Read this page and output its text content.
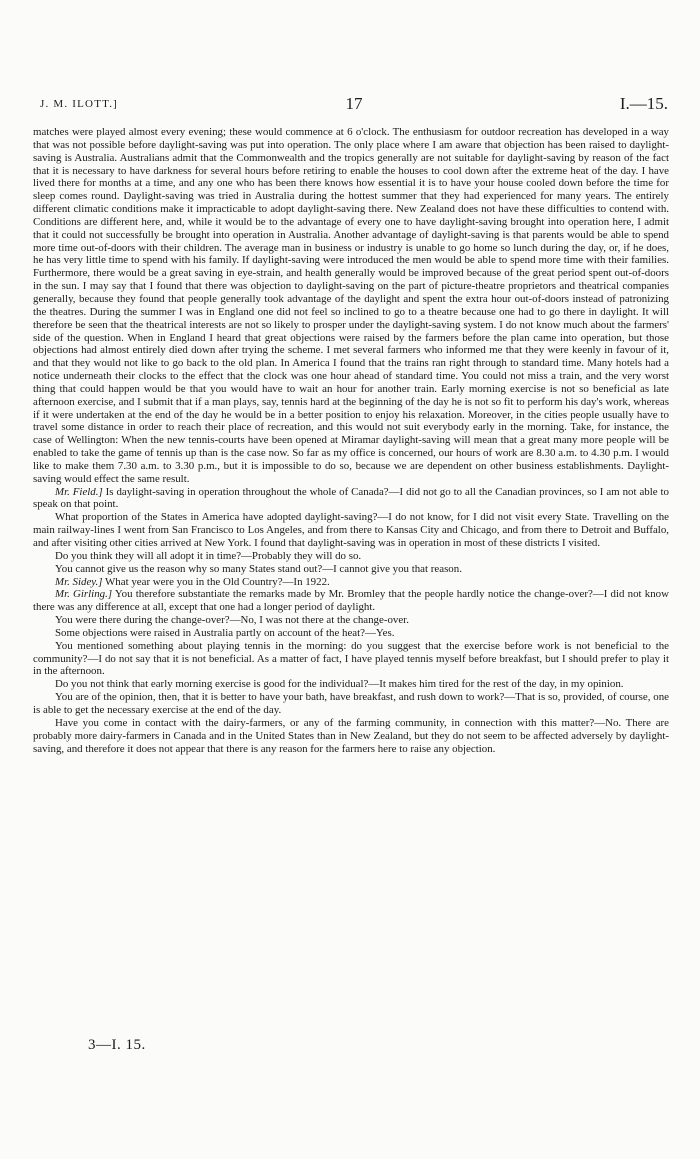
J. M. ILOTT.]	17	I.—15.

matches were played almost every evening; these would commence at 6 o'clock. The enthusiasm for outdoor recreation has developed in a way that was not possible before daylight-saving was put into operation. The only place where I am aware that objection has been raised to daylight-saving is Australia. Australians admit that the Commonwealth and the tropics generally are not suitable for daylight-saving by reason of the fact that it is necessary to have darkness for several hours before retiring to enable the houses to cool down after the extreme heat of the day. I have lived there for months at a time, and any one who has been there knows how essential it is to have your house cooled down before the time for sleep comes round. Daylight-saving was tried in Australia during the hottest summer that they had experienced for many years. The entirely different climatic conditions make it impracticable to adopt daylight-saving there. New Zealand does not have these difficulties to contend with. Conditions are different here, and, while it would be to the advantage of every one to have daylight-saving brought into operation here, I admit that it could not successfully be brought into operation in Australia. Another advantage of daylight-saving is that parents would be able to spend more time out-of-doors with their children. The average man in business or industry is unable to go home so lunch during the day, or, if he does, he has very little time to spend with his family. If daylight-saving were introduced the men would be able to spend more time with their families. Furthermore, there would be a great saving in eye-strain, and health generally would be improved because of the great period spent out-of-doors in the sun. I may say that I found that there was objection to daylight-saving on the part of picture-theatre proprietors and theatrical companies generally, because they found that people generally took advantage of the daylight and spent the extra hour out-of-doors instead of patronizing the theatres. During the summer I was in England one did not feel so inclined to go to a theatre because one had to go there in daylight. It will therefore be seen that the theatrical interests are not so likely to prosper under the daylight-saving system. I do not know much about the farmers' side of the question. When in England I heard that great objections were raised by the farmers before the plan came into operation, but those objections had almost entirely died down after trying the scheme. I met several farmers who informed me that they were keenly in favour of it, and that they would not like to go back to the old plan. In America I found that the trains ran right through to standard time. Many hotels had a notice underneath their clocks to the effect that the clock was one hour ahead of standard time. You could not miss a train, and the very worst thing that could happen would be that you would have to wait an hour for another train. Early morning exercise is not so beneficial as late afternoon exercise, and I submit that if a man plays, say, tennis hard at the beginning of the day he is not so fit to perform his day's work, whereas if it were undertaken at the end of the day he would be in a better position to enjoy his relaxation. Moreover, in the cities people usually have to travel some distance in order to reach their place of recreation, and this would not suit everybody early in the morning. Take, for instance, the case of Wellington: When the new tennis-courts have been opened at Miramar daylight-saving will mean that a great many more people will be enabled to take the game of tennis up than is the case now. So far as my office is concerned, our hours of work are 8.30 a.m. to 4.30 p.m. I would like to make them 7.30 a.m. to 3.30 p.m., but it is impossible to do so, because we are dependent on other business establishments. Daylight-saving would effect the same result.

Mr. Field.] Is daylight-saving in operation throughout the whole of Canada?—I did not go to all the Canadian provinces, so I am not able to speak on that point.

What proportion of the States in America have adopted daylight-saving?—I do not know, for I did not visit every State. Travelling on the main railway-lines I went from San Francisco to Los Angeles, and from there to Kansas City and Chicago, and from there to Detroit and Buffalo, and after visiting other cities arrived at New York. I found that daylight-saving was in operation in most of these districts I visited.

Do you think they will all adopt it in time?—Probably they will do so.

You cannot give us the reason why so many States stand out?—I cannot give you that reason.

Mr. Sidey.] What year were you in the Old Country?—In 1922.

Mr. Girling.] You therefore substantiate the remarks made by Mr. Bromley that the people hardly notice the change-over?—I did not know there was any difference at all, except that one had a longer period of daylight.

You were there during the change-over?—No, I was not there at the change-over.

Some objections were raised in Australia partly on account of the heat?—Yes.

You mentioned something about playing tennis in the morning: do you suggest that the exercise before work is not beneficial to the community?—I do not say that it is not beneficial. As a matter of fact, I have played tennis myself before breakfast, but I should prefer to play it in the afternoon.

Do you not think that early morning exercise is good for the individual?—It makes him tired for the rest of the day, in my opinion.

You are of the opinion, then, that it is better to have your bath, have breakfast, and rush down to work?—That is so, provided, of course, one is able to get the necessary exercise at the end of the day.

Have you come in contact with the dairy-farmers, or any of the farming community, in connection with this matter?—No. There are probably more dairy-farmers in Canada and in the United States than in New Zealand, but they do not seem to be affected adversely by daylight-saving, and therefore it does not appear that there is any reason for the farmers here to raise any objection.

3—I. 15.
